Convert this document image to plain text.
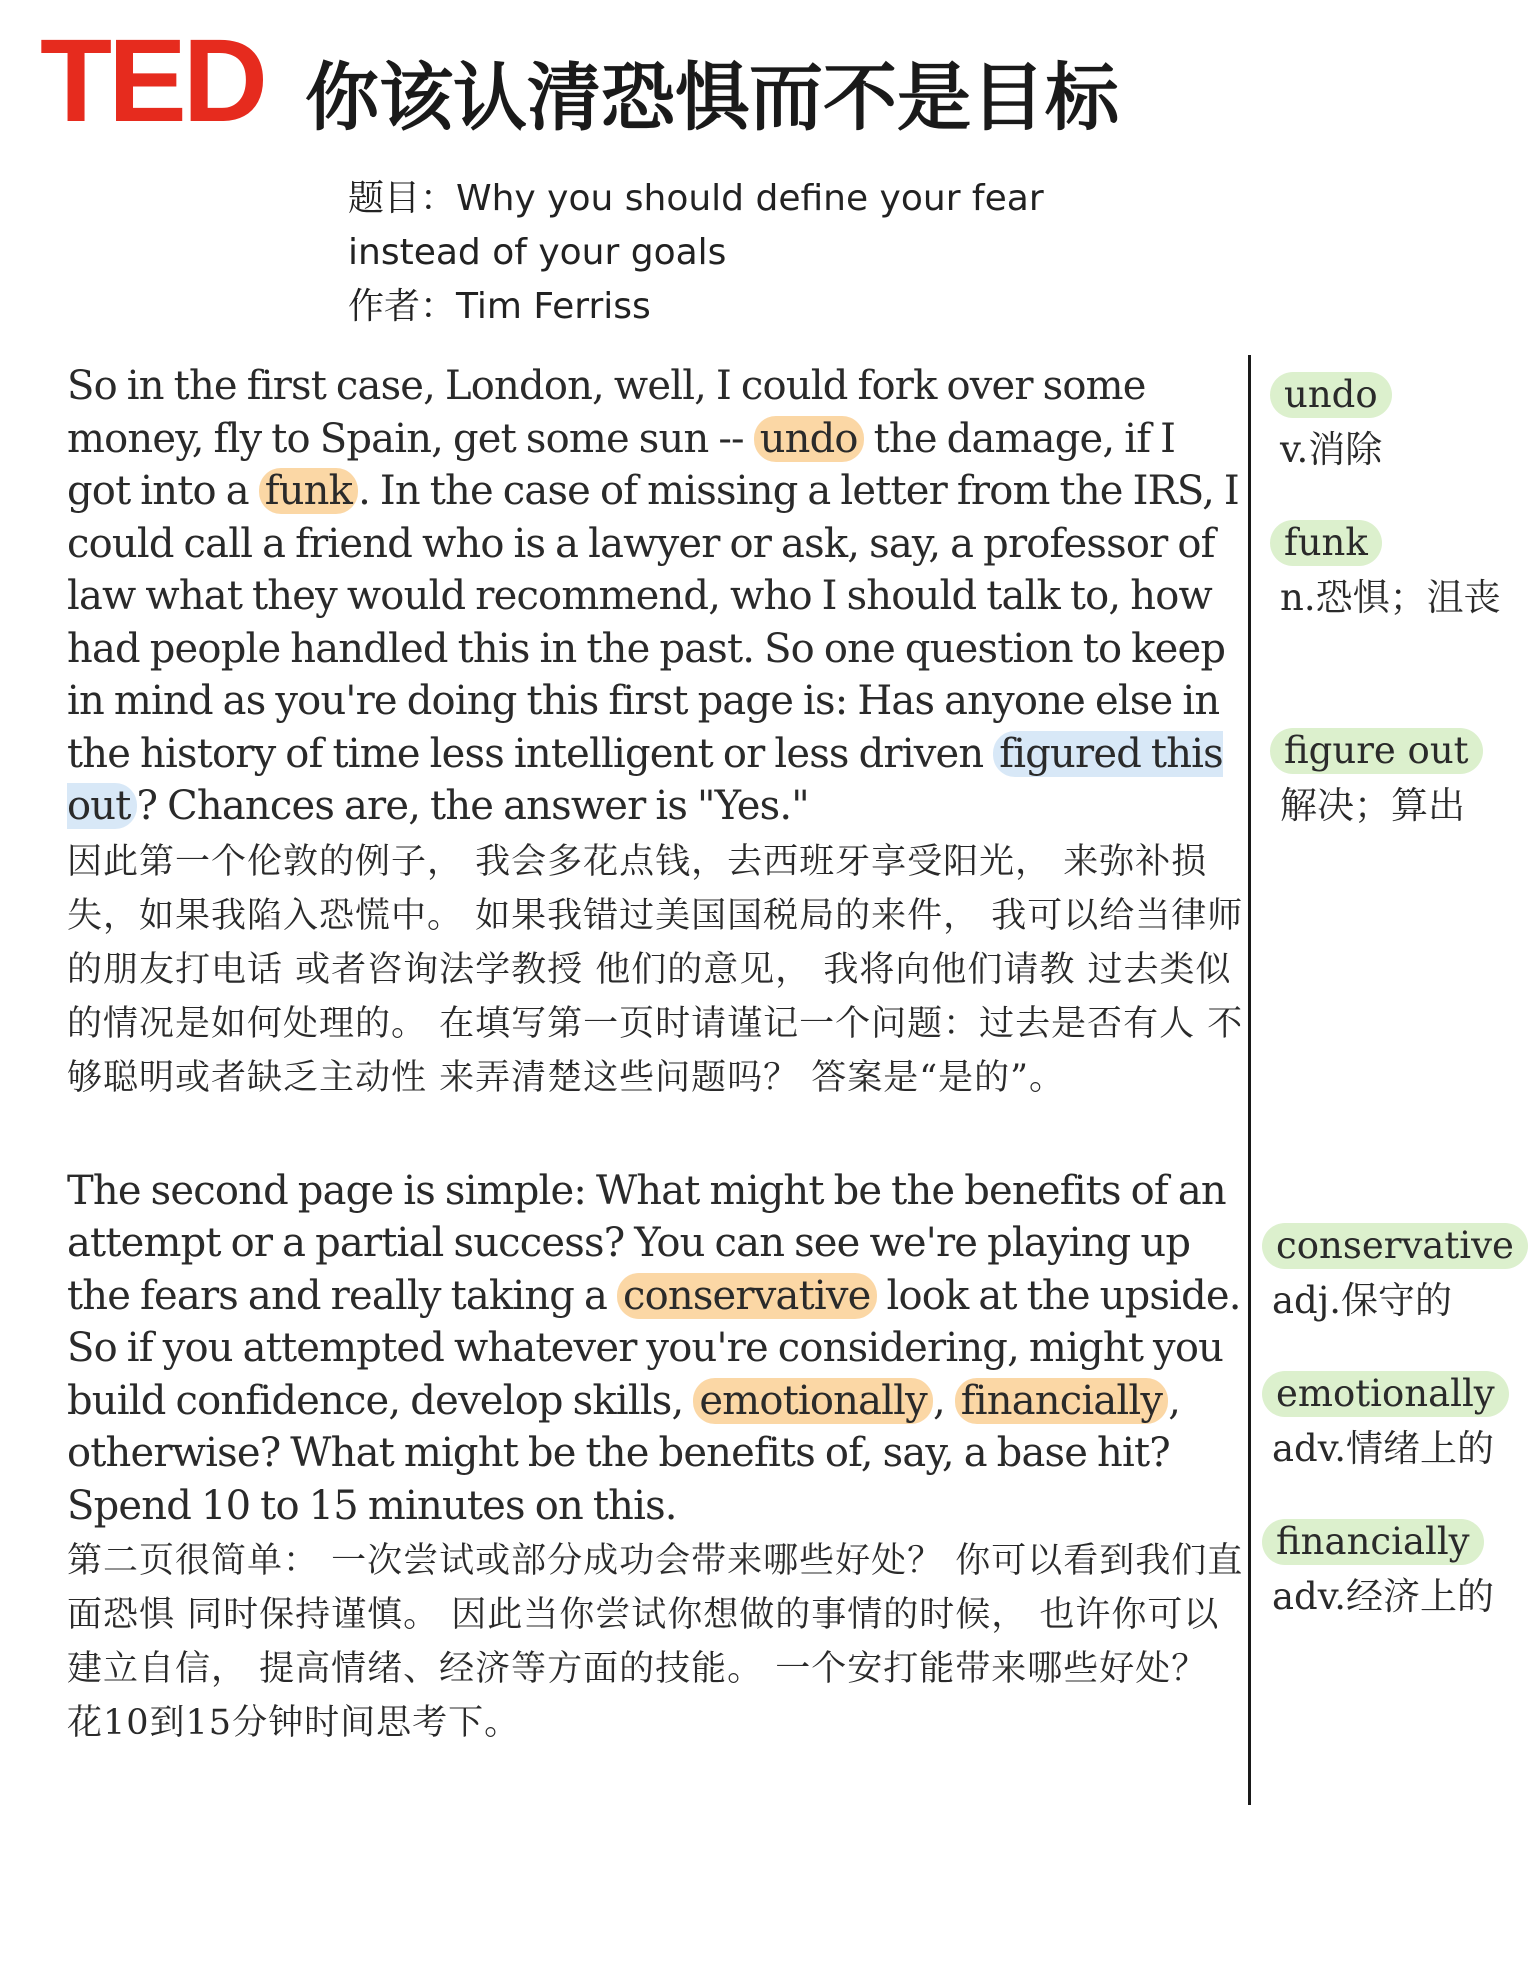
TED 你该认清恐惧而不是目标
题目：Why you should define your fear
instead of your goals
作者：Tim Ferriss
So in the first case, London, well, I could fork over some money, fly to Spain, get some sun -- undo the damage, if I got into a funk . In the case of missing a letter from the IRS, I could call a friend who is a lawyer or ask, say, a professor of law what they would recommend, who I should talk to, how had people handled this in the past. So one question to keep in mind as you're doing this first page is: Has anyone else in the history of time less intelligent or less driven figured this out ? Chances are, the answer is "Yes."
因此第一个伦敦的例子， 我会多花点钱，去西班牙享受阳光， 来弥补损失，如果我陷入恐慌中。 如果我错过美国国税局的来件， 我可以给当律师的朋友打电话 或者咨询法学教授 他们的意见， 我将向他们请教 过去类似的情况是如何处理的。 在填写第一页时请谨记一个问题：过去是否有人 不够聪明或者缺乏主动性 来弄清楚这些问题吗？ 答案是“是的”。
The second page is simple: What might be the benefits of an attempt or a partial success? You can see we're playing up the fears and really taking a conservative look at the upside. So if you attempted whatever you're considering, might you build confidence, develop skills, emotionally , financially , otherwise? What might be the benefits of, say, a base hit? Spend 10 to 15 minutes on this.
第二页很简单： 一次尝试或部分成功会带来哪些好处？ 你可以看到我们直面恐惧 同时保持谨慎。 因此当你尝试你想做的事情的时候， 也许你可以建立自信， 提高情绪、经济等方面的技能。 一个安打能带来哪些好处？ 花10到15分钟时间思考下。
undo
v.消除
funk
n.恐惧；沮丧
figure out
解决；算出
conservative
adj.保守的
emotionally
adv.情绪上的
financially
adv.经济上的
